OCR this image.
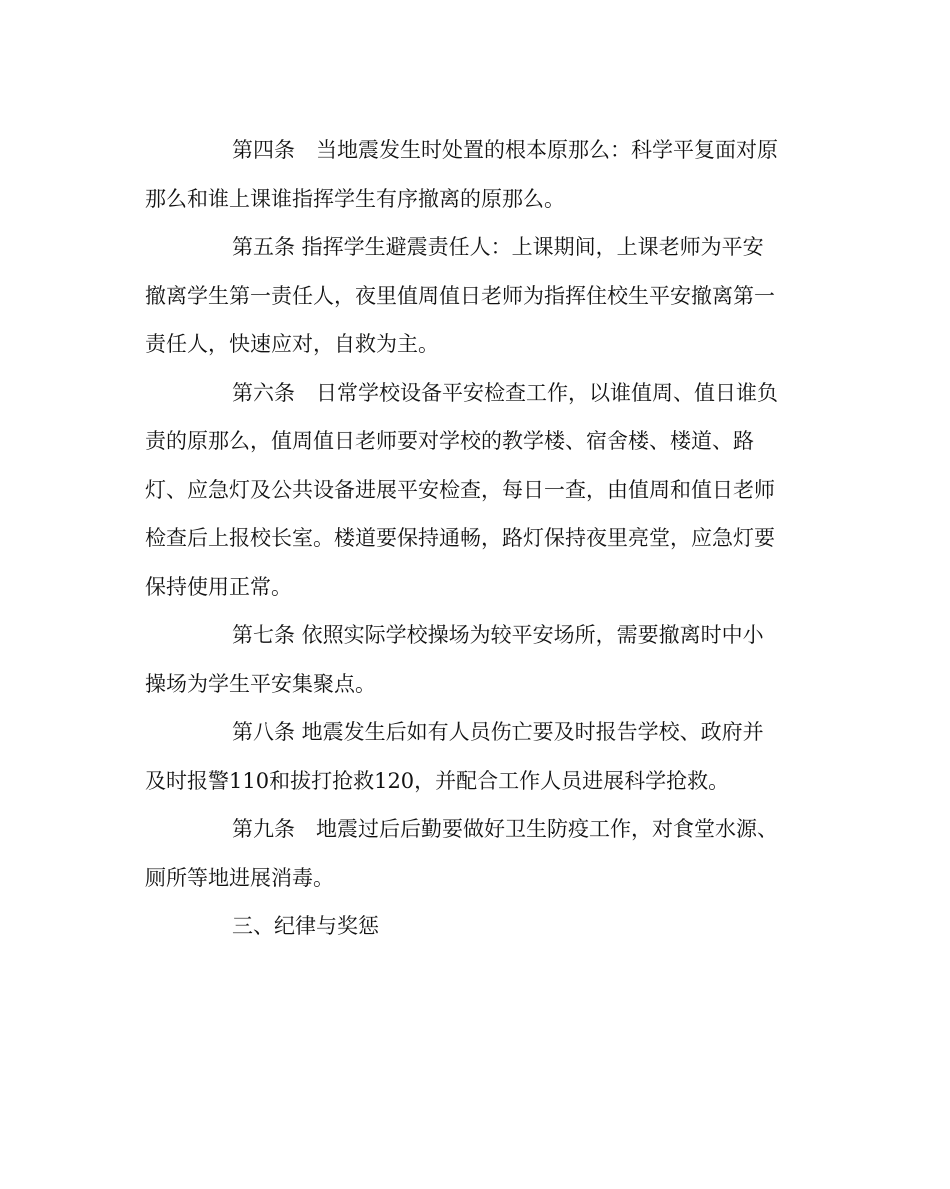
第四条　当地震发生时处置的根本原那么：科学平复面对原
那么和谁上课谁指挥学生有序撤离的原那么。

第五条 指挥学生避震责任人：上课期间，上课老师为平安
撤离学生第一责任人，夜里值周值日老师为指挥住校生平安撤离第一
责任人，快速应对，自救为主。

第六条　日常学校设备平安检查工作，以谁值周、值日谁负
责的原那么，值周值日老师要对学校的教学楼、宿舍楼、楼道、路
灯、应急灯及公共设备进展平安检查，每日一查，由值周和值日老师
检查后上报校长室。楼道要保持通畅，路灯保持夜里亮堂，应急灯要
保持使用正常。

第七条 依照实际学校操场为较平安场所，需要撤离时中小
操场为学生平安集聚点。

第八条 地震发生后如有人员伤亡要及时报告学校、政府并
及时报警110和拔打抢救120，并配合工作人员进展科学抢救。

第九条　地震过后后勤要做好卫生防疫工作，对食堂水源、
厕所等地进展消毒。

三、纪律与奖惩
